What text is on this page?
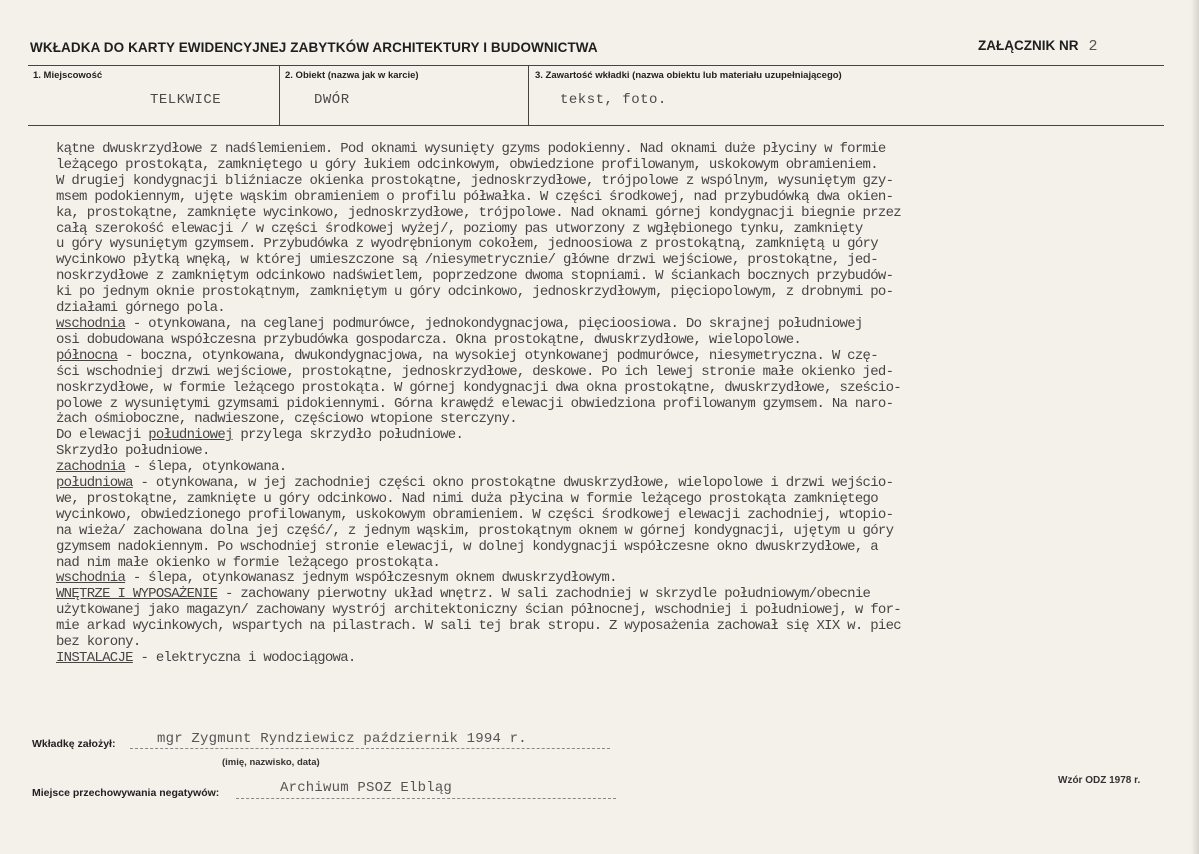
WKŁADKA DO KARTY EWIDENCYJNEJ ZABYTKÓW ARCHITEKTURY I BUDOWNICTWA	ZAŁĄCZNIK NR 2
1. Miejscowość
TELKWICE
2. Obiekt (nazwa jak w karcie)
DWÓR
3. Zawartość wkładki (nazwa obiektu lub materiału uzupełniającego)
tekst, foto.
kątne dwuskrzydłowe z nadślemieniem. Pod oknami wysunięty gzyms podokienny. Nad oknami duże płyciny w formie
leżącego prostokąta, zamkniętego u góry łukiem odcinkowym, obwiedzione profilowanym, uskokowym obramieniem.
W drugiej kondygnacji bliźniacze okienka prostokątne, jednoskrzydłowe, trójpolowe z wspólnym, wysuniętym gzy-
msem podokiennym, ujęte wąskim obramieniem o profilu półwałka. W części środkowej, nad przybudówką dwa okien-
ka, prostokątne, zamknięte wycinkowo, jednoskrzydłowe, trójpolowe. Nad oknami górnej kondygnacji biegnie przez
całą szerokość elewacji / w części środkowej wyżej/, poziomy pas utworzony z wgłębionego tynku, zamknięty
u góry wysuniętym gzymsem. Przybudówka z wyodrębnionym cokołem, jednoosiowa z prostokątną, zamkniętą u góry
wycinkowo płytką wnęką, w której umieszczone są /niesymetrycznie/ główne drzwi wejściowe, prostokątne, jed-
noskrzydłowe z zamkniętym odcinkowo nadświetlem, poprzedzone dwoma stopniami. W ściankach bocznych przybudów-
ki po jednym oknie prostokątnym, zamkniętym u góry odcinkowo, jednoskrzydłowym, pięciopolowym, z drobnymi po-
działami górnego pola.
wschodnia - otynkowana, na ceglanej podmurówce, jednokondygnacjowa, pięcioosiowa. Do skrajnej południowej
osi dobudowana współczesna przybudówka gospodarcza. Okna prostokątne, dwuskrzydłowe, wielopolowe.
północna - boczna, otynkowana, dwukondygnacjowa, na wysokiej otynkowanej podmurówce, niesymetryczna. W czę-
ści wschodniej drzwi wejściowe, prostokątne, jednoskrzydłowe, deskowe. Po ich lewej stronie małe okienko jed-
noskrzydłowe, w formie leżącego prostokąta. W górnej kondygnacji dwa okna prostokątne, dwuskrzydłowe, sześcio-
polowe z wysuniętymi gzymsami pidokiennymi. Górna krawędź elewacji obwiedziona profilowanym gzymsem. Na naro-
żach ośmioboczne, nadwieszone, częściowo wtopione sterczyny.
Do elewacji południowej przylega skrzydło południowe.
Skrzydło południowe.
zachodnia - ślepa, otynkowana.
południowa - otynkowana, w jej zachodniej części okno prostokątne dwuskrzydłowe, wielopolowe i drzwi wejścio-
we, prostokątne, zamknięte u góry odcinkowo. Nad nimi duża płycina w formie leżącego prostokąta zamkniętego
wycinkowo, obwiedzionego profilowanym, uskokowym obramieniem. W części środkowej elewacji zachodniej, wtopio-
na wieża/ zachowana dolna jej część/, z jednym wąskim, prostokątnym oknem w górnej kondygnacji, ujętym u góry
gzymsem nadokiennym. Po wschodniej stronie elewacji, w dolnej kondygnacji współczesne okno dwuskrzydłowe, a
nad nim małe okienko w formie leżącego prostokąta.
wschodnia - ślepa, otynkowanasz jednym współczesnym oknem dwuskrzydłowym.
WNĘTRZE I WYPOSAŻENIE - zachowany pierwotny układ wnętrz. W sali zachodniej w skrzydle południowym/obecnie
użytkowanej jako magazyn/ zachowany wystrój architektoniczny ścian północnej, wschodniej i południowej, w for-
mie arkad wycinkowych, wspartych na pilastrach. W sali tej brak stropu. Z wyposażenia zachował się XIX w. piec
bez korony.
INSTALACJE - elektryczna i wodociągowa.
Wkładkę założył:	mgr Zygmunt Ryndziewicz październik 1994 r.
(imię, nazwisko, data)
Miejsce przechowywania negatywów:	Archiwum PSOZ Elbląg	Wzór ODZ 1978 r.
